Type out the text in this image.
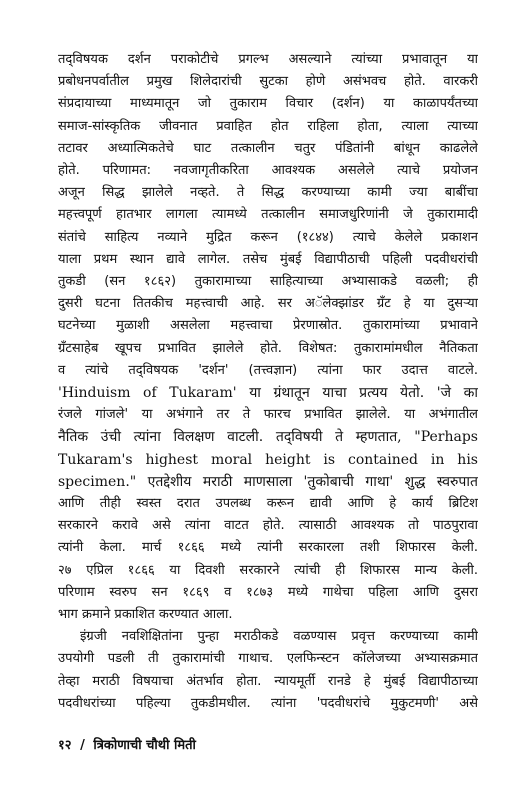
तद्‌विषयक दर्शन पराकोटीचे प्रगल्भ असल्याने त्यांच्या प्रभावातून या
प्रबोधनपर्वातील प्रमुख शिलेदारांची सुटका होणे असंभवच होते. वारकरी
संप्रदायाच्या माध्यमातून जो तुकाराम विचार (दर्शन) या काळापर्यंतच्या
समाज-सांस्कृतिक जीवनात प्रवाहित होत राहिला होता, त्याला त्याच्या
तटावर अध्यात्मिकतेचे घाट तत्कालीन चतुर पंडितांनी बांधून काढलेले
होते. परिणामत: नवजागृतीकरिता आवश्यक असलेले त्याचे प्रयोजन
अजून सिद्ध झालेले नव्हते. ते सिद्ध करण्याच्या कामी ज्या बाबींचा
महत्त्वपूर्ण हातभार लागला त्यामध्ये तत्कालीन समाजधुरिणांनी जे तुकारामादी
संतांचे साहित्य नव्याने मुद्रित करून (१८४४) त्याचे केलेले प्रकाशन
याला प्रथम स्थान द्यावे लागेल. तसेच मुंबई विद्यापीठाची पहिली पदवीधरांची
तुकडी (सन १८६२) तुकारामाच्या साहित्याच्या अभ्यासाकडे वळली; ही
दुसरी घटना तितकीच महत्त्वाची आहे. सर अॅलेक्झांडर ग्रँट हे या दुसऱ्या
घटनेच्या मुळाशी असलेला महत्त्वाचा प्रेरणास्रोत. तुकारामांच्या प्रभावाने
ग्रँटसाहेब खूपच प्रभावित झालेले होते. विशेषत: तुकारामांमधील नैतिकता
व त्यांचे तद्‌विषयक 'दर्शन' (तत्त्वज्ञान) त्यांना फार उदात्त वाटले.
'Hinduism of Tukaram' या ग्रंथातून याचा प्रत्यय येतो. 'जे का
रंजले गांजले' या अभंगाने तर ते फारच प्रभावित झालेले. या अभंगातील
नैतिक उंची त्यांना विलक्षण वाटली. तद्‌विषयी ते म्हणतात, "Perhaps
Tukaram's highest moral height is contained in his
specimen." एतद्देशीय मराठी माणसाला 'तुकोबाची गाथा' शुद्ध स्वरुपात
आणि तीही स्वस्त दरात उपलब्ध करून द्यावी आणि हे कार्य ब्रिटिश
सरकारने करावे असे त्यांना वाटत होते. त्यासाठी आवश्यक तो पाठपुरावा
त्यांनी केला. मार्च १८६६ मध्ये त्यांनी सरकारला तशी शिफारस केली.
२७ एप्रिल १८६६ या दिवशी सरकारने त्यांची ही शिफारस मान्य केली.
परिणाम स्वरुप सन १८६९ व १८७३ मध्ये गाथेचा पहिला आणि दुसरा
भाग क्रमाने प्रकाशित करण्यात आला.
इंग्रजी नवशिक्षितांना पुन्हा मराठीकडे वळण्यास प्रवृत्त करण्याच्या कामी
उपयोगी पडली ती तुकारामांची गाथाच. एलफिन्स्टन कॉलेजच्या अभ्यासक्रमात
तेव्हा मराठी विषयाचा अंतर्भाव होता. न्यायमूर्ती रानडे हे मुंबई विद्यापीठाच्या
पदवीधरांच्या पहिल्या तुकडीमधील. त्यांना 'पदवीधरांचे मुकुटमणी' असे
१२ / त्रिकोणाची चौथी मिती
